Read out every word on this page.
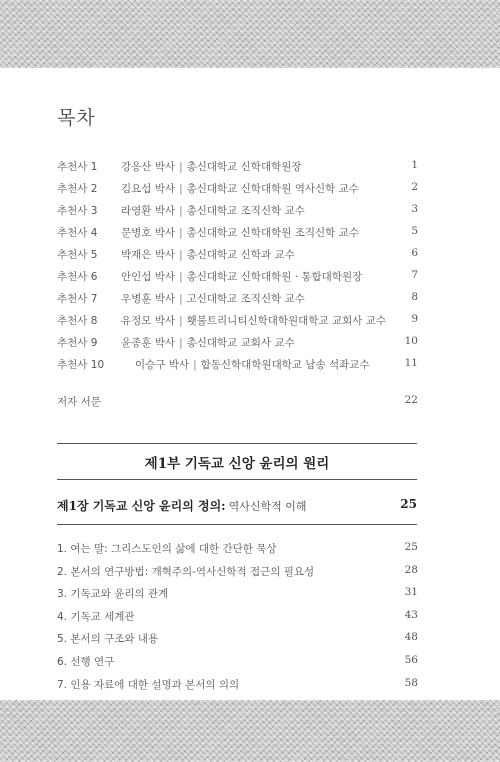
목차
추천사 1 강응산 박사 | 총신대학교 신학대학원장	1
추천사 2 김요섭 박사 | 총신대학교 신학대학원 역사신학 교수	2
추천사 3 라영환 박사 | 총신대학교 조직신학 교수	3
추천사 4 문병호 박사 | 총신대학교 신학대학원 조직신학 교수	5
추천사 5 박재은 박사 | 총신대학교 신학과 교수	6
추천사 6 안인섭 박사 | 총신대학교 신학대학원 · 통합대학원장	7
추천사 7 우병훈 박사 | 고신대학교 조직신학 교수	8
추천사 8 유정모 박사 | 횃불트리니티신학대학원대학교 교회사 교수 9
추천사 9 윤종훈 박사 | 총신대학교 교회사 교수	10
추천사 10	이승구 박사 | 합동신학대학원대학교 남송 석좌교수	11
저자 서문	22
제1부 기독교 신앙 윤리의 원리
제1장 기독교 신앙 윤리의 정의: 역사신학적 이해	25
1. 여는 말: 그리스도인의 삶에 대한 간단한 묵상	25
2. 본서의 연구방법: 개혁주의-역사신학적 접근의 필요성	28
3. 기독교와 윤리의 관계	31
4. 기독교 세계관	43
5. 본서의 구조와 내용	48
6. 선행 연구	56
7. 인용 자료에 대한 설명과 본서의 의의	58
